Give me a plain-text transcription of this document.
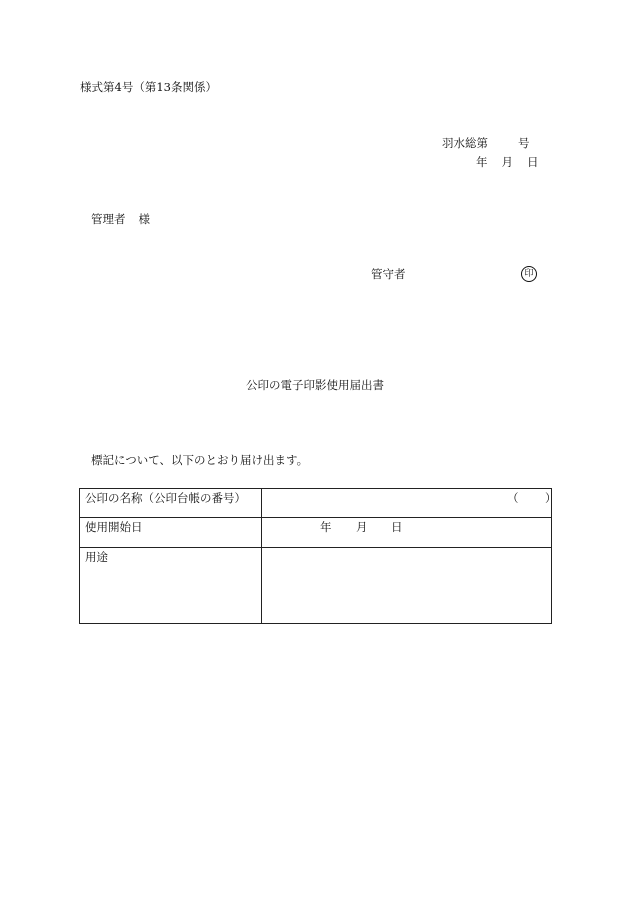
様式第4号（第13条関係）
羽水総第	号
年 月 日
管理者 様
管守者	印
公印の電子印影使用届出書
標記について、以下のとおり届け出ます。
公印の名称（公印台帳の番号）	（ ）

使用開始日	年 月 日

用途	
